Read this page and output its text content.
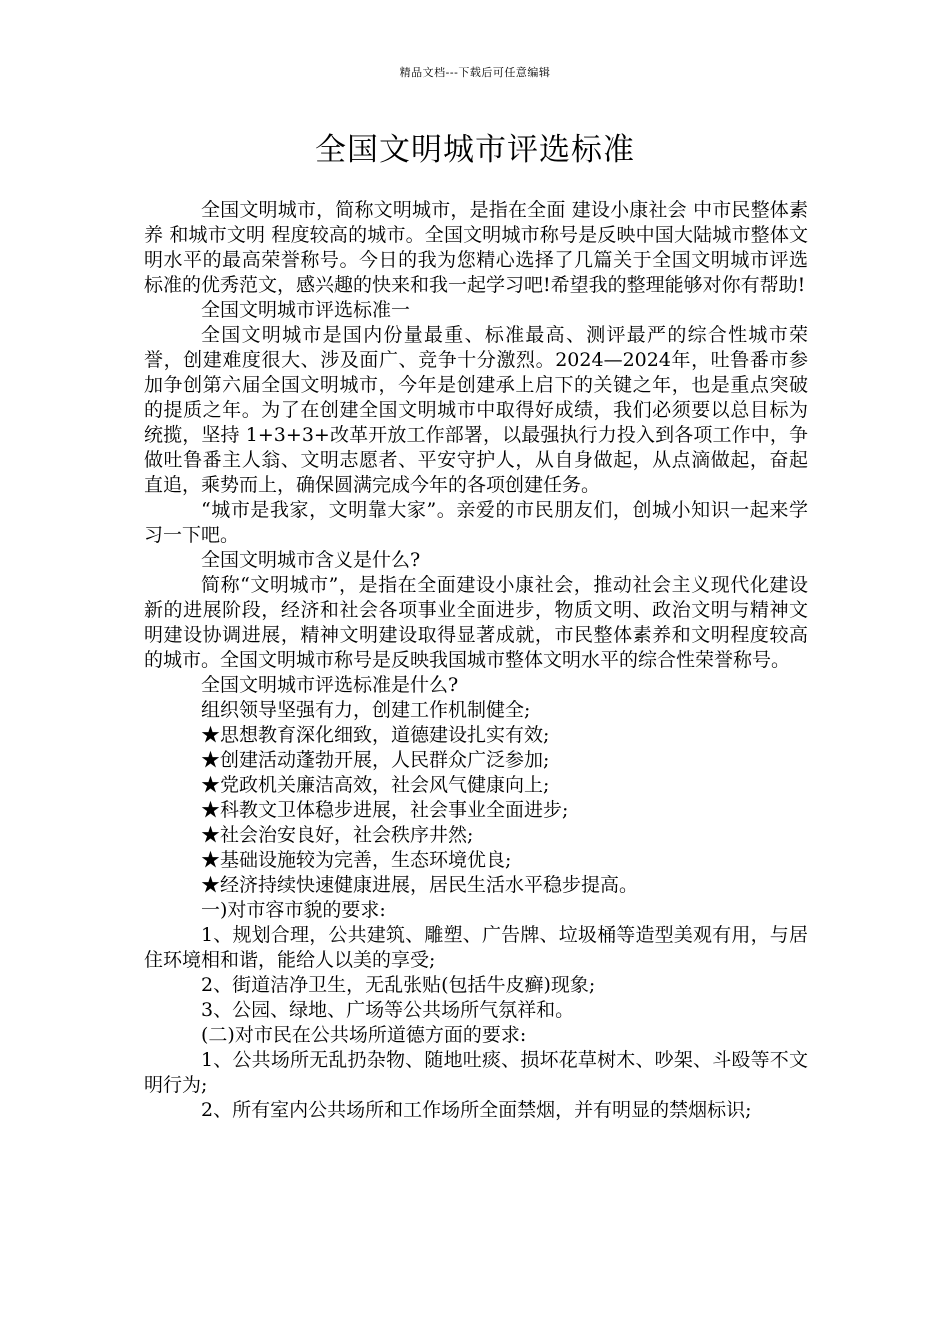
精品文档---下载后可任意编辑
全国文明城市评选标准

全国文明城市，简称文明城市，是指在全面 建设小康社会 中市民整体素养 和城市文明 程度较高的城市。全国文明城市称号是反映中国大陆城市整体文明水平的最高荣誉称号。今日的我为您精心选择了几篇关于全国文明城市评选标准的优秀范文，感兴趣的快来和我一起学习吧!希望我的整理能够对你有帮助!

全国文明城市评选标准一

全国文明城市是国内份量最重、标准最高、测评最严的综合性城市荣誉，创建难度很大、涉及面广、竞争十分激烈。2024—2024年，吐鲁番市参加争创第六届全国文明城市，今年是创建承上启下的关键之年，也是重点突破的提质之年。为了在创建全国文明城市中取得好成绩，我们必须要以总目标为统揽，坚持 1+3+3+改革开放工作部署，以最强执行力投入到各项工作中，争做吐鲁番主人翁、文明志愿者、平安守护人，从自身做起，从点滴做起，奋起直追，乘势而上，确保圆满完成今年的各项创建任务。

“城市是我家，文明靠大家”。亲爱的市民朋友们，创城小知识一起来学习一下吧。

全国文明城市含义是什么?

简称“文明城市”，是指在全面建设小康社会，推动社会主义现代化建设新的进展阶段，经济和社会各项事业全面进步，物质文明、政治文明与精神文明建设协调进展，精神文明建设取得显著成就，市民整体素养和文明程度较高的城市。全国文明城市称号是反映我国城市整体文明水平的综合性荣誉称号。

全国文明城市评选标准是什么?

组织领导坚强有力，创建工作机制健全;

★思想教育深化细致，道德建设扎实有效;

★创建活动蓬勃开展，人民群众广泛参加;

★党政机关廉洁高效，社会风气健康向上;

★科教文卫体稳步进展，社会事业全面进步;

★社会治安良好，社会秩序井然;

★基础设施较为完善，生态环境优良;

★经济持续快速健康进展，居民生活水平稳步提高。

一)对市容市貌的要求:

1、规划合理，公共建筑、雕塑、广告牌、垃圾桶等造型美观有用，与居住环境相和谐，能给人以美的享受;

2、街道洁净卫生，无乱张贴(包括牛皮癣)现象;

3、公园、绿地、广场等公共场所气氛祥和。

(二)对市民在公共场所道德方面的要求:

1、公共场所无乱扔杂物、随地吐痰、损坏花草树木、吵架、斗殴等不文明行为;

2、所有室内公共场所和工作场所全面禁烟，并有明显的禁烟标识;
